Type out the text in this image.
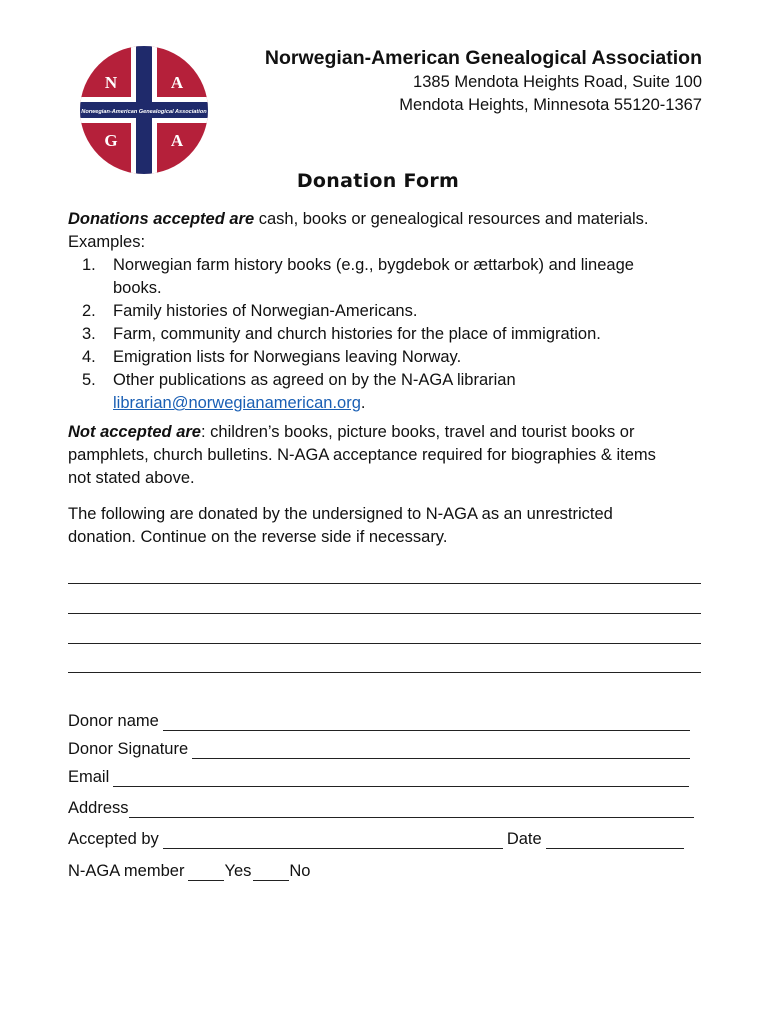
N	A
G	A
Norwegian-American Genealogical Association
Norwegian-American Genealogical Association
1385 Mendota Heights Road, Suite 100
Mendota Heights, Minnesota 55120-1367
Donation Form
Donations accepted are cash, books or genealogical resources and materials.
Examples:
1. Norwegian farm history books (e.g., bygdebok or ættarbok) and lineage
books.
2. Family histories of Norwegian-Americans.
3. Farm, community and church histories for the place of immigration.
4. Emigration lists for Norwegians leaving Norway.
5. Other publications as agreed on by the N-AGA librarian
librarian@norwegianamerican.org.
Not accepted are: children’s books, picture books, travel and tourist books or
pamphlets, church bulletins. N-AGA acceptance required for biographies & items
not stated above.
The following are donated by the undersigned to N-AGA as an unrestricted
donation. Continue on the reverse side if necessary.
Donor name
Donor Signature
Email
Address
Accepted by	Date
N-AGA member Yes No
